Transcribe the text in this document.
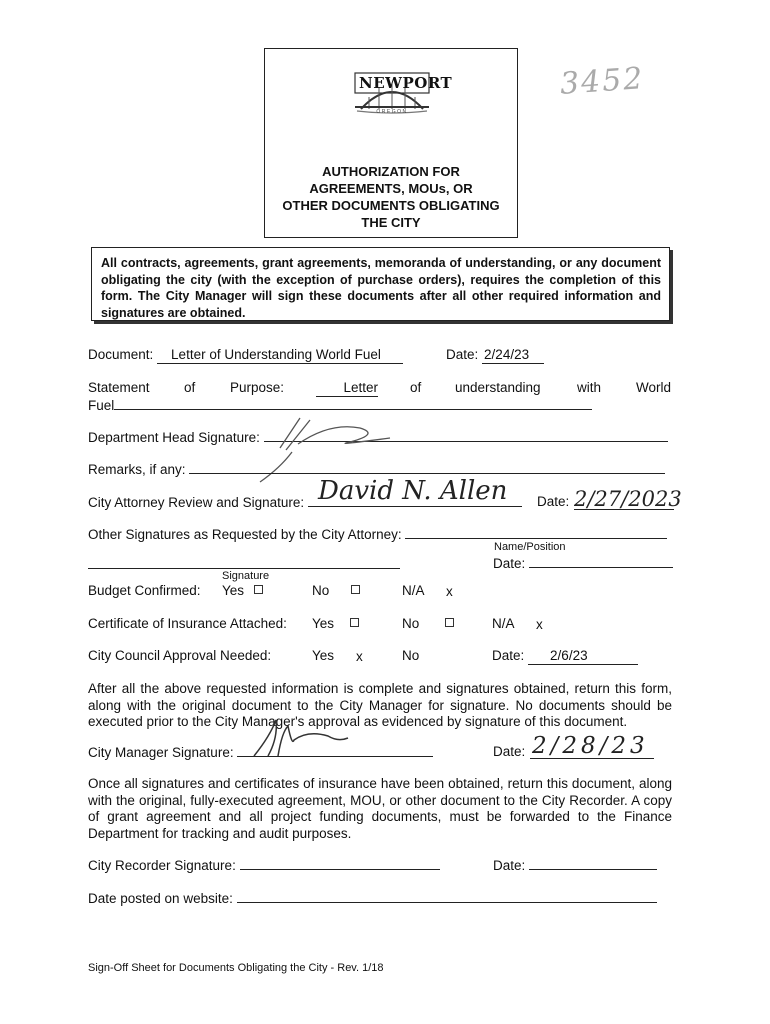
3452
NEWPORT
OREGON
AUTHORIZATION FOR
AGREEMENTS, MOUs, OR
OTHER DOCUMENTS OBLIGATING
THE CITY
All contracts, agreements, grant agreements, memoranda of understanding, or any document obligating the city (with the exception of purchase orders), requires the completion of this form. The City Manager will sign these documents after all other required information and signatures are obtained.
Document: Letter of Understanding World Fuel	Date: 2/24/23
Statement	of	Purpose:	Letter of understanding	with	World
Fuel
Department Head Signature:
Remarks, if any:
City Attorney Review and Signature: David N. Allen Date: 2/27/2023
Other Signatures as Requested by the City Attorney:
Name/Position
Date:
Signature
Budget Confirmed: Yes	No	N/A x
Certificate of Insurance Attached: Yes	No	N/A x
City Council Approval Needed:	Yes x	No	Date: 2/6/23
After all the above requested information is complete and signatures obtained, return this form, along with the original document to the City Manager for signature. No documents should be executed prior to the City Manager's approval as evidenced by signature of this document.
City Manager Signature:	Date: 2/28/23
Once all signatures and certificates of insurance have been obtained, return this document, along with the original, fully-executed agreement, MOU, or other document to the City Recorder. A copy of grant agreement and all project funding documents, must be forwarded to the Finance Department for tracking and audit purposes.
City Recorder Signature:	Date:
Date posted on website:
Sign-Off Sheet for Documents Obligating the City - Rev. 1/18
